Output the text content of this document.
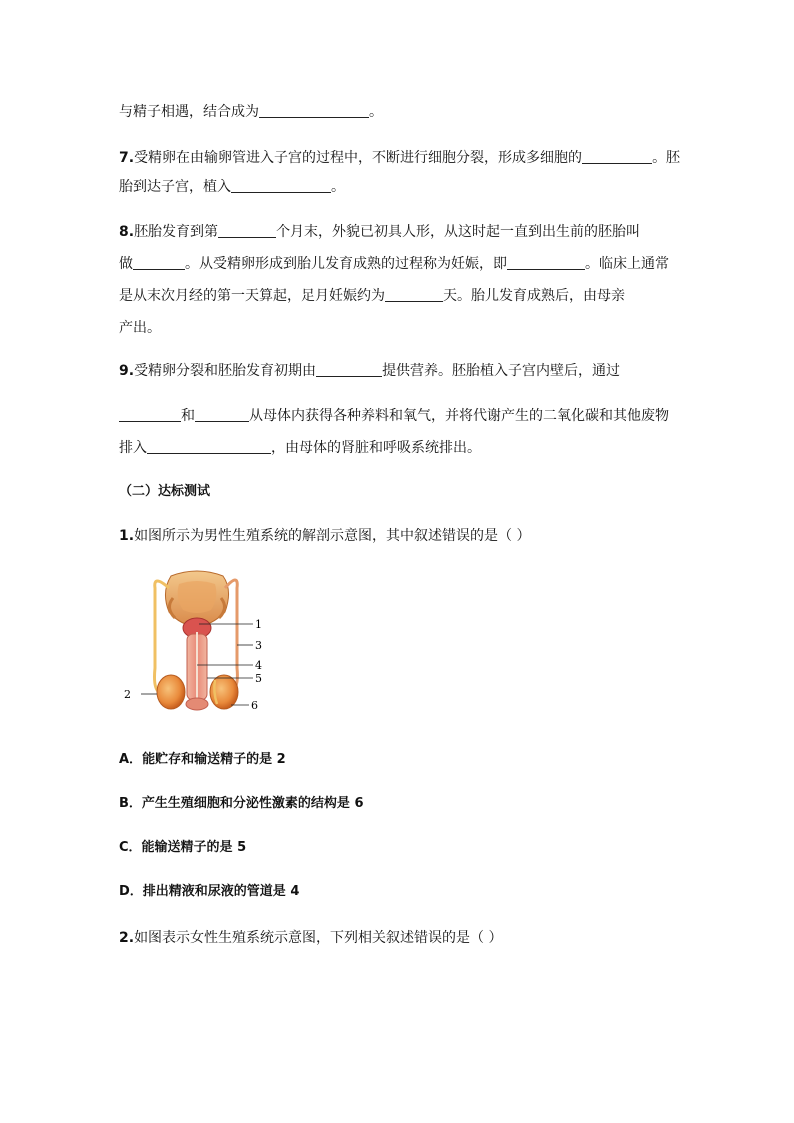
与精子相遇，结合成为	。
7.受精卵在由输卵管进入子宫的过程中，不断进行细胞分裂，形成多细胞的	。胚
胎到达子宫，植入	。
8.胚胎发育到第	个月末，外貌已初具人形，从这时起一直到出生前的胚胎叫
做	。从受精卵形成到胎儿发育成熟的过程称为妊娠，即	。临床上通常
是从末次月经的第一天算起，足月妊娠约为	天。胎儿发育成熟后，由母亲
产出。
9.受精卵分裂和胚胎发育初期由	提供营养。胚胎植入子宫内壁后，通过
和	从母体内获得各种养料和氧气，并将代谢产生的二氧化碳和其他废物
排入	，由母体的肾脏和呼吸系统排出。
（二）达标测试
1.如图所示为男性生殖系统的解剖示意图，其中叙述错误的是（ ）
1
3
4
5
2
6
A．能贮存和输送精子的是 2
B．产生生殖细胞和分泌性激素的结构是 6
C．能输送精子的是 5
D．排出精液和尿液的管道是 4
2.如图表示女性生殖系统示意图，下列相关叙述错误的是（ ）
